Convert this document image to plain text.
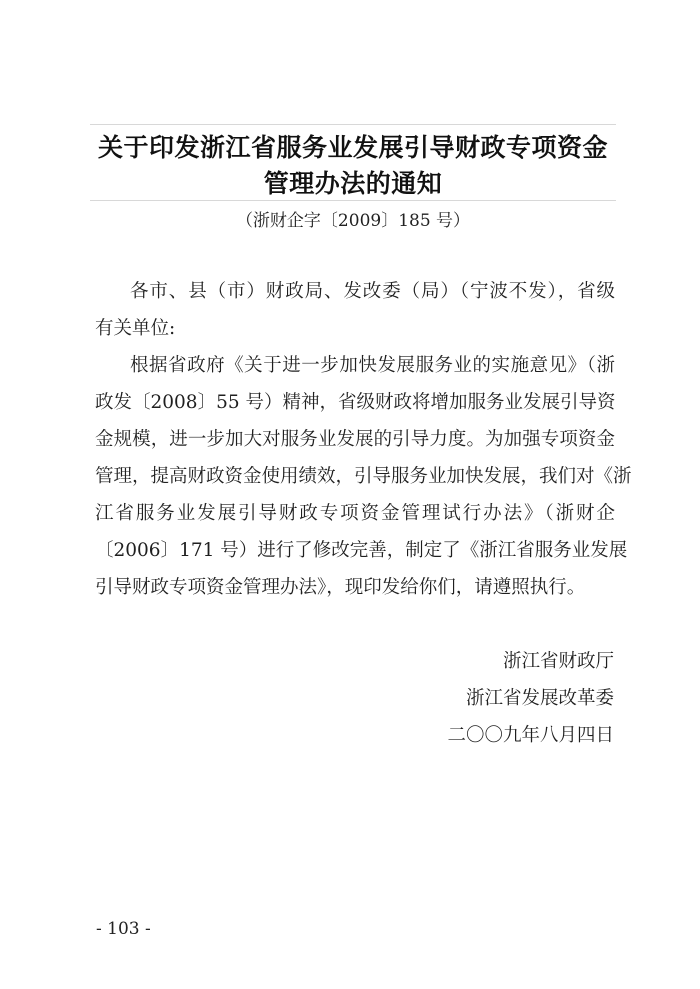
关于印发浙江省服务业发展引导财政专项资金
管理办法的通知
（浙财企字〔2009〕185 号）
各市、县（市）财政局、发改委（局）（宁波不发），省级
有关单位:
根据省政府《关于进一步加快发展服务业的实施意见》（浙
政发〔2008〕55 号）精神，省级财政将增加服务业发展引导资
金规模，进一步加大对服务业发展的引导力度。为加强专项资金
管理，提高财政资金使用绩效，引导服务业加快发展，我们对《浙
江省服务业发展引导财政专项资金管理试行办法》（浙财企
〔2006〕171 号）进行了修改完善，制定了《浙江省服务业发展
引导财政专项资金管理办法》，现印发给你们，请遵照执行。
浙江省财政厅
浙江省发展改革委
二〇〇九年八月四日
- 103 -
